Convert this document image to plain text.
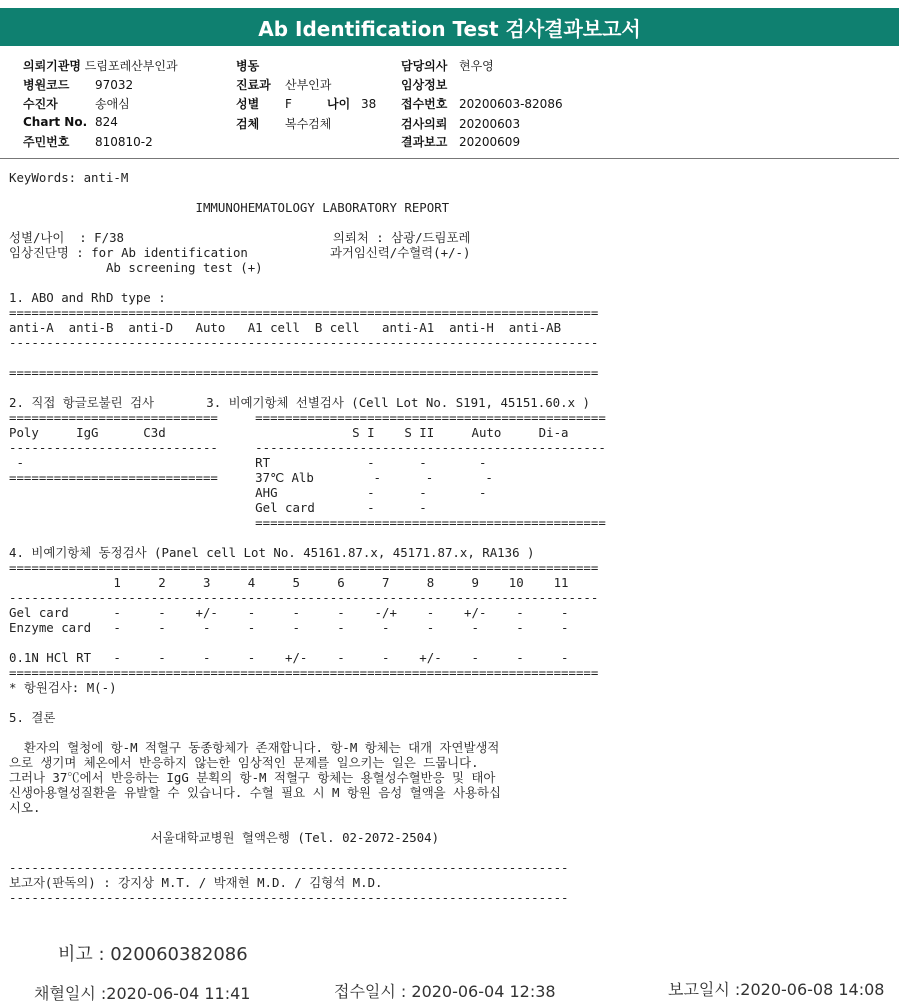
Ab Identification Test 검사결과보고서
의뢰기관명 드림포레산부인과
병원코드 97032
수진자	송애심
Chart No. 824
주민번호 810810-2
병동
진료과 산부인과
성별 F	나이 38
검체 복수검체
담당의사 현우영
임상정보
접수번호 20200603-82086
검사의뢰 20200603
결과보고 20200609
KeyWords: anti-M

IMMUNOHEMATOLOGY LABORATORY REPORT

성별/나이  : F/38                            의뢰처 : 삼광/드림포레
임상진단명 : for Ab identification           과거임신력/수혈력(+/-)
Ab screening test (+)

1. ABO and RhD type :
===============================================================================
anti-A  anti-B  anti-D   Auto   A1 cell  B cell   anti-A1  anti-H  anti-AB
-------------------------------------------------------------------------------

===============================================================================

2. 직접 항글로불린 검사       3. 비예기항체 선별검사 (Cell Lot No. S191, 45151.60.x )
============================     ===============================================
Poly     IgG      C3d                         S I    S II     Auto     Di-a
----------------------------     -----------------------------------------------
-                               RT             -      -       -
============================     37℃ Alb        -      -       -
AHG            -      -       -
Gel card       -      -
===============================================

4. 비예기항체 동정검사 (Panel cell Lot No. 45161.87.x, 45171.87.x, RA136 )
===============================================================================
1     2     3     4     5     6     7     8     9    10    11
-------------------------------------------------------------------------------
Gel card      -     -    +/-    -     -     -    -/+    -    +/-    -     -
Enzyme card   -     -     -     -     -     -     -     -     -     -     -

0.1N HCl RT   -     -     -     -    +/-    -     -    +/-    -     -     -
===============================================================================
* 항원검사: M(-)

5. 결론

환자의 혈청에 항-M 적혈구 동종항체가 존재합니다. 항-M 항체는 대개 자연발생적
으로 생기며 체온에서 반응하지 않는한 임상적인 문제를 일으키는 일은 드뭅니다.
그러나 37℃에서 반응하는 IgG 분획의 항-M 적혈구 항체는 용혈성수혈반응 및 태아
신생아용혈성질환을 유발할 수 있습니다. 수혈 필요 시 M 항원 음성 혈액을 사용하십
시오.

서울대학교병원 혈액은행 (Tel. 02-2072-2504)

---------------------------------------------------------------------------
보고자(판독의) : 강지상 M.T. / 박재현 M.D. / 김형석 M.D.
---------------------------------------------------------------------------
비고 : 020060382086
채혈일시 :2020-06-04 11:41	접수일시 : 2020-06-04 12:38	보고일시 :2020-06-08 14:08
